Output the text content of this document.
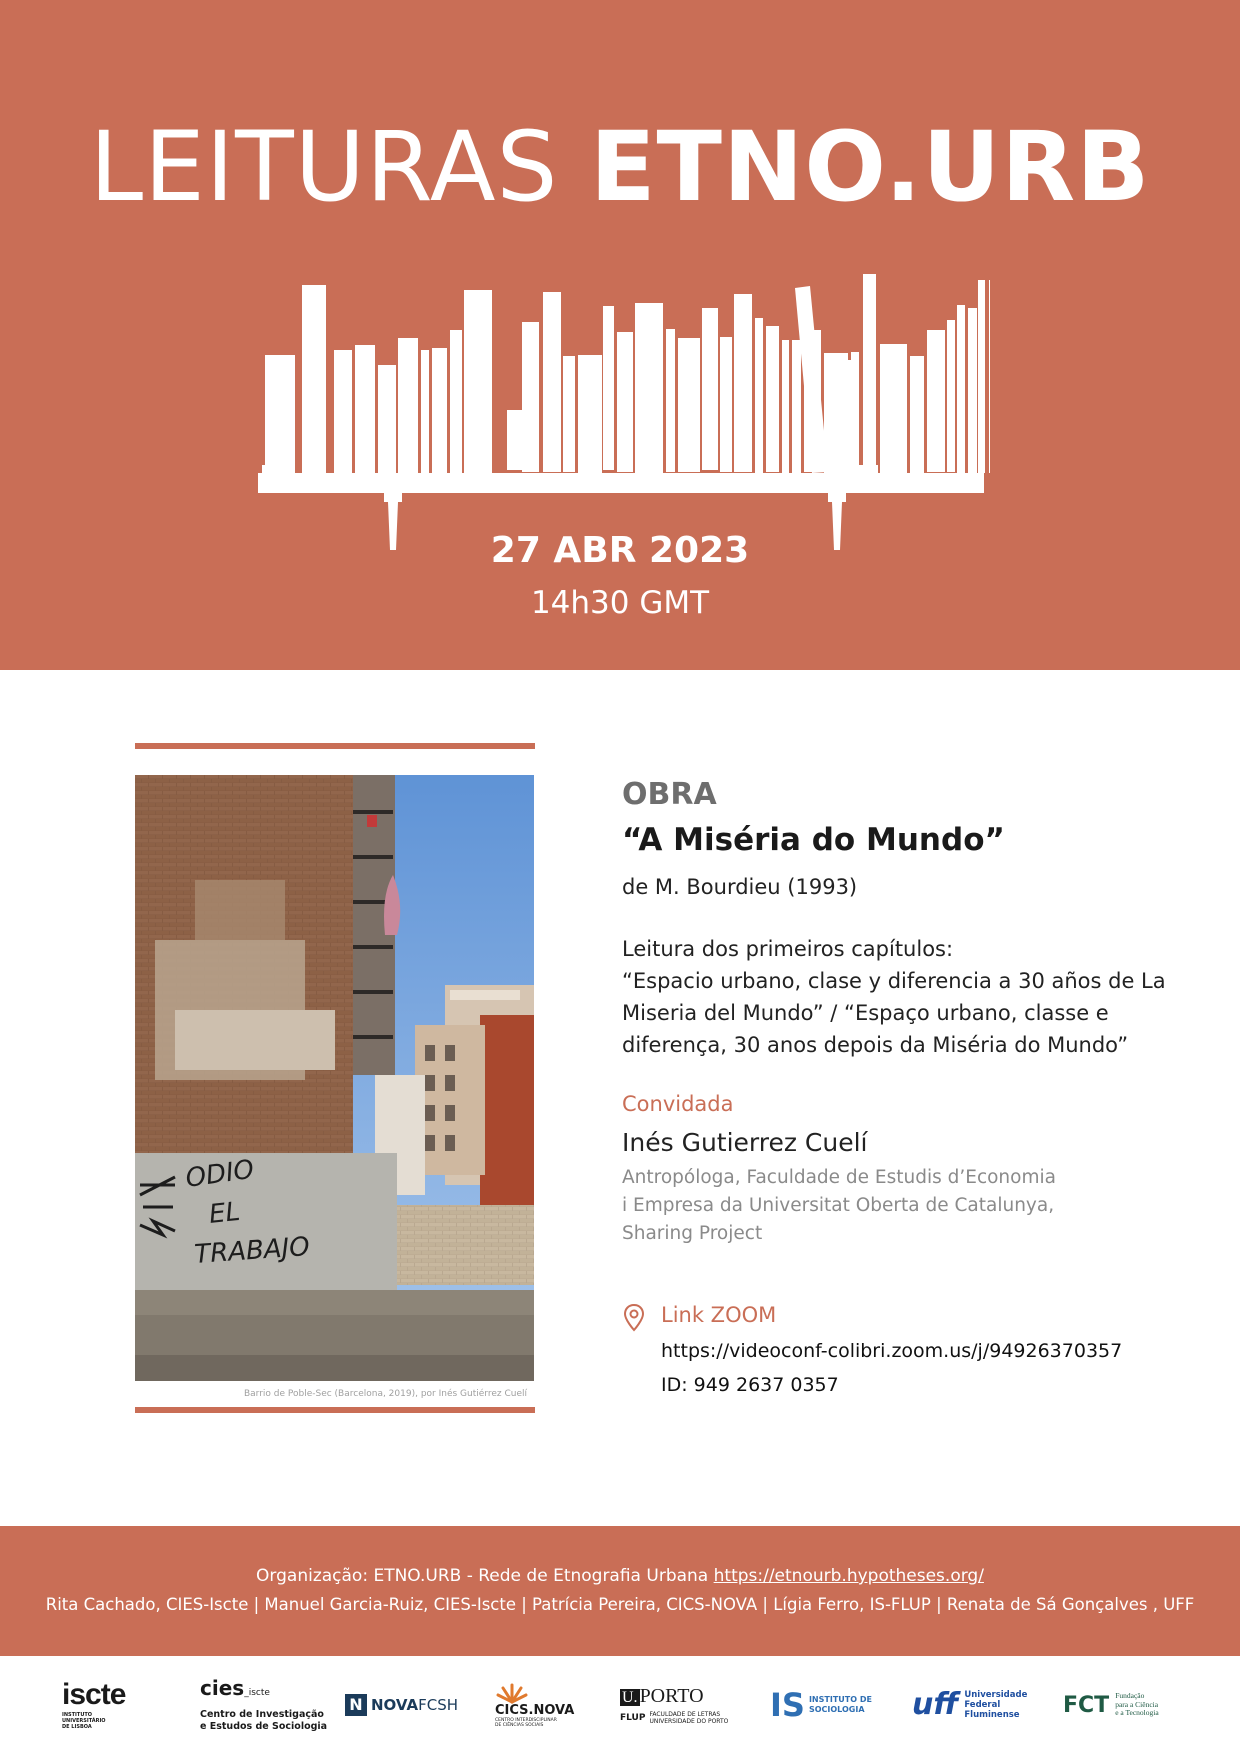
LEITURAS ETNO.URB
27 ABR 2023
14h30 GMT
ODIO
EL
TRABAJO
Barrio de Poble-Sec (Barcelona, 2019), por Inés Gutiérrez Cuelí
OBRA
“A Miséria do Mundo”
de M. Bourdieu (1993)
Leitura dos primeiros capítulos:
“Espacio urbano, clase y diferencia a 30 años de La
Miseria del Mundo” / “Espaço urbano, classe e
diferença, 30 anos depois da Miséria do Mundo”
Convidada
Inés Gutierrez Cuelí
Antropóloga, Faculdade de Estudis d’Economia
i Empresa da Universitat Oberta de Catalunya,
Sharing Project
Link ZOOM
https://videoconf-colibri.zoom.us/j/94926370357
ID: 949 2637 0357
Organização: ETNO.URB - Rede de Etnografia Urbana https://etnourb.hypotheses.org/
Rita Cachado, CIES-Iscte | Manuel Garcia-Ruiz, CIES-Iscte | Patrícia Pereira, CICS-NOVA | Lígia Ferro, IS-FLUP | Renata de Sá Gonçalves , UFF
iscte
INSTITUTO
UNIVERSITÁRIO
DE LISBOA
cies_iscte
Centro de Investigação
e Estudos de Sociologia
N NOVA FCSH	CICS.NOVA
CENTRO INTERDISCIPLINAR
DE CIÊNCIAS SOCIAIS
U. PORTO
FLUP FACULDADE DE LETRAS
UNIVERSIDADE DO PORTO IS INSTITUTO DE
SOCIOLOGIA uff Universidade
Federal
Fluminense	FCT Fundação
para a Ciência
e a Tecnologia
